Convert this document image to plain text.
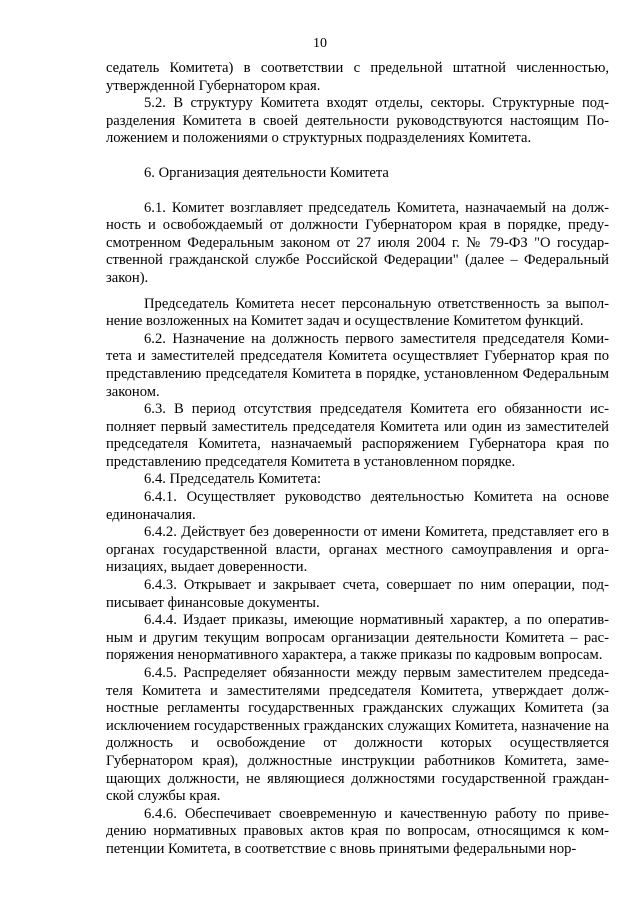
10

седатель Комитета) в соответствии с предельной штатной численностью, утвержденной Губернатором края.

5.2. В структуру Комитета входят отделы, секторы. Структурные подразделения Комитета в своей деятельности руководствуются настоящим Положением и положениями о структурных подразделениях Комитета.

6. Организация деятельности Комитета

6.1. Комитет возглавляет председатель Комитета, назначаемый на должность и освобождаемый от должности Губернатором края в порядке, предусмотренном Федеральным законом от 27 июля 2004 г. № 79-ФЗ "О государственной гражданской службе Российской Федерации" (далее – Федеральный закон).

Председатель Комитета несет персональную ответственность за выполнение возложенных на Комитет задач и осуществление Комитетом функций.

6.2. Назначение на должность первого заместителя председателя Комитета и заместителей председателя Комитета осуществляет Губернатор края по представлению председателя Комитета в порядке, установленном Федеральным законом.

6.3. В период отсутствия председателя Комитета его обязанности исполняет первый заместитель председателя Комитета или один из заместителей председателя Комитета, назначаемый распоряжением Губернатора края по представлению председателя Комитета в установленном порядке.

6.4. Председатель Комитета:

6.4.1. Осуществляет руководство деятельностью Комитета на основе единоначалия.

6.4.2. Действует без доверенности от имени Комитета, представляет его в органах государственной власти, органах местного самоуправления и организациях, выдает доверенности.

6.4.3. Открывает и закрывает счета, совершает по ним операции, подписывает финансовые документы.

6.4.4. Издает приказы, имеющие нормативный характер, а по оперативным и другим текущим вопросам организации деятельности Комитета – распоряжения ненормативного характера, а также приказы по кадровым вопросам.

6.4.5. Распределяет обязанности между первым заместителем председателя Комитета и заместителями председателя Комитета, утверждает должностные регламенты государственных гражданских служащих Комитета (за исключением государственных гражданских служащих Комитета, назначение на должность и освобождение от должности которых осуществляется Губернатором края), должностные инструкции работников Комитета, замещающих должности, не являющиеся должностями государственной гражданской службы края.

6.4.6. Обеспечивает своевременную и качественную работу по приведению нормативных правовых актов края по вопросам, относящимся к компетенции Комитета, в соответствие с вновь принятыми федеральными нор-
